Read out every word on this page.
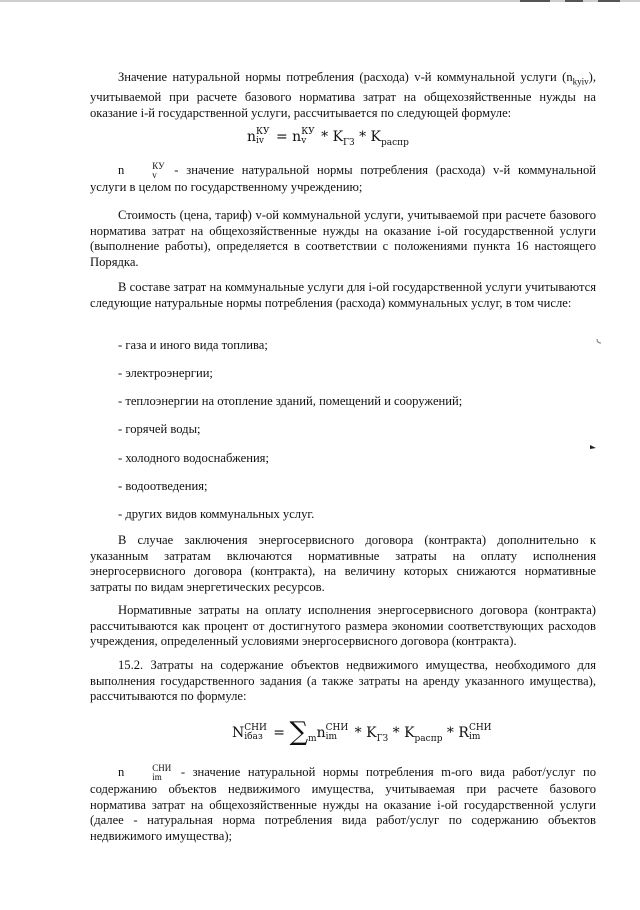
Значение натуральной нормы потребления (расхода) v-й коммунальной услуги $(n_{kyiv})$, учитываемой при расчете базового норматива затрат на общехозяйственные нужды на оказание i-й государственной услуги, рассчитывается по следующей формуле:
n КУ
iv = n КУ
v * $K_{ГЗ} * K_{распр}$
n	КУ
v - значение натуральной нормы потребления (расхода) v-й коммунальной услуги в целом по государственному учреждению;
Стоимость (цена, тариф) v-ой коммунальной услуги, учитываемой при расчете базового норматива затрат на общехозяйственные нужды на оказание i-ой государственной услуги (выполнение работы), определяется в соответствии с положениями пункта 16 настоящего Порядка.
В составе затрат на коммунальные услуги для i-ой государственной услуги учитываются следующие натуральные нормы потребления (расхода) коммунальных услуг, в том числе:
- газа и иного вида топлива;
- электроэнергии;
- теплоэнергии на отопление зданий, помещений и сооружений;
- горячей воды;
- холодного водоснабжения;
- водоотведения;
- других видов коммунальных услуг.
В случае заключения энергосервисного договора (контракта) дополнительно к указанным затратам включаются нормативные затраты на оплату исполнения энергосервисного договора (контракта), на величину которых снижаются нормативные затраты по видам энергетических ресурсов.
Нормативные затраты на оплату исполнения энергосервисного договора (контракта) рассчитываются как процент от достигнутого размера экономии соответствующих расходов учреждения, определенный условиями энергосервисного договора (контракта).
15.2. Затраты на содержание объектов недвижимого имущества, необходимого для выполнения государственного задания (а также затраты на аренду указанного имущества), рассчитываются по формуле:
N СНИ
iбаз = $\sum_mn$ СНИ
im * $K_{ГЗ} * K_{распр}$ * R СНИ
im
n	СНИ
im - значение натуральной нормы потребления m-ого вида работ/услуг по содержанию объектов недвижимого имущества, учитываемая при расчете базового норматива затрат на общехозяйственные нужды на оказание i-ой государственной услуги (далее - натуральная норма потребления вида работ/услуг по содержанию объектов недвижимого имущества);
